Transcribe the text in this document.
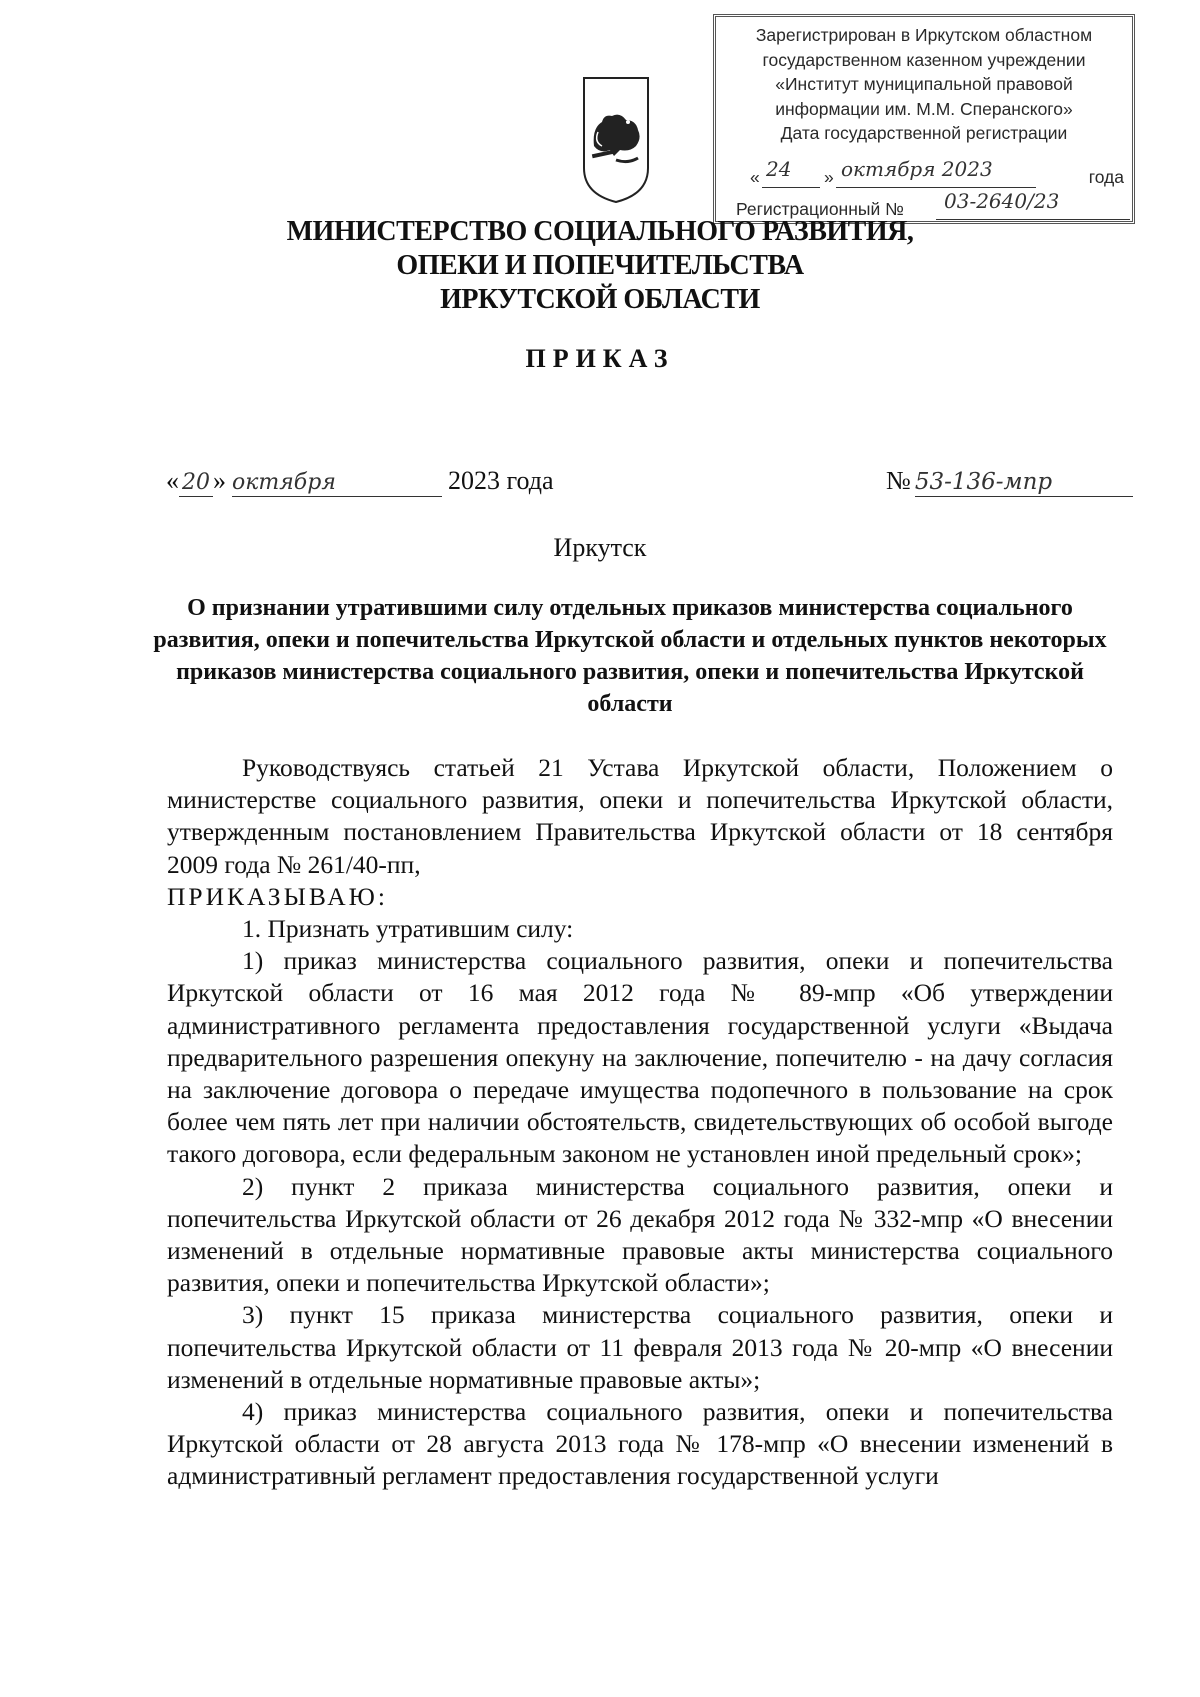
Зарегистрирован в Иркутском областном
государственном казенном учреждении
«Институт муниципальной правовой
информации им. М.М. Сперанского»
Дата государственной регистрации
« 24 » октября 2023	года
Регистрационный № 03-2640/23
МИНИСТЕРСТВО СОЦИАЛЬНОГО РАЗВИТИЯ,
ОПЕКИ И ПОПЕЧИТЕЛЬСТВА
ИРКУТСКОЙ ОБЛАСТИ
ПРИКАЗ
« 20 » октября	2023 года	№ 53-136-мпр
Иркутск
О признании утратившими силу отдельных приказов министерства социального развития, опеки и попечительства Иркутской области и отдельных пунктов некоторых приказов министерства социального развития, опеки и попечительства Иркутской области

Руководствуясь статьей 21 Устава Иркутской области, Положением о министерстве социального развития, опеки и попечительства Иркутской области, утвержденным постановлением Правительства Иркутской области от 18 сентября 2009 года № 261/40-пп,

ПРИКАЗЫВАЮ:

1. Признать утратившим силу:

1) приказ министерства социального развития, опеки и попечительства Иркутской области от 16 мая 2012 года № 89-мпр «Об утверждении административного регламента предоставления государственной услуги «Выдача предварительного разрешения опекуну на заключение, попечителю - на дачу согласия на заключение договора о передаче имущества подопечного в пользование на срок более чем пять лет при наличии обстоятельств, свидетельствующих об особой выгоде такого договора, если федеральным законом не установлен иной предельный срок»;

2) пункт 2 приказа министерства социального развития, опеки и попечительства Иркутской области от 26 декабря 2012 года № 332-мпр «О внесении изменений в отдельные нормативные правовые акты министерства социального развития, опеки и попечительства Иркутской области»;

3) пункт 15 приказа министерства социального развития, опеки и попечительства Иркутской области от 11 февраля 2013 года № 20-мпр «О внесении изменений в отдельные нормативные правовые акты»;

4) приказ министерства социального развития, опеки и попечительства Иркутской области от 28 августа 2013 года № 178-мпр «О внесении изменений в административный регламент предоставления государственной услуги
